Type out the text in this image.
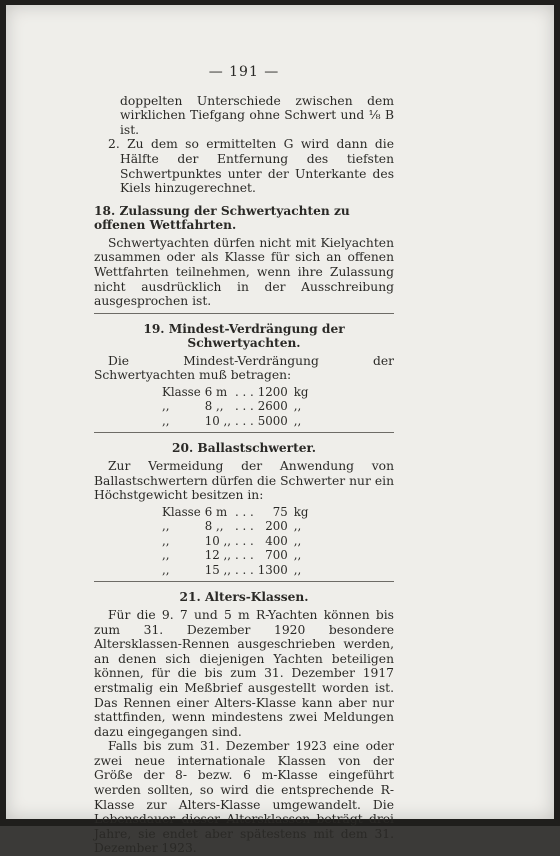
— 191 —

doppelten Unterschiede zwischen dem wirklichen Tiefgang ohne Schwert und ⅛ B ist.

2. Zu dem so ermittelten G wird dann die Hälfte der Entfernung des tiefsten Schwertpunktes unter der Unterkante des Kiels hinzugerechnet.

18. Zulassung der Schwertyachten zu offenen Wettfahrten.

Schwertyachten dürfen nicht mit Kielyachten zusammen oder als Klasse für sich an offenen Wettfahrten teilnehmen, wenn ihre Zulassung nicht ausdrücklich in der Ausschreibung ausgesprochen ist.

19. Mindest-Verdrängung der Schwertyachten.

Die Mindest-Verdrängung der Schwertyachten muß betragen:

Klasse	6 m	. . .	1200	kg
,,	8 ,,	. . .	2600	,,
,,	10 ,,	. . .	5000	,,
20. Ballastschwerter.

Zur Vermeidung der Anwendung von Ballastschwertern dürfen die Schwerter nur ein Höchstgewicht besitzen in:

Klasse	6 m	. . .	75	kg
,,	8 ,,	. . .	200	,,
,,	10 ,,	. . .	400	,,
,,	12 ,,	. . .	700	,,
,,	15 ,,	. . .	1300	,,
21. Alters-Klassen.

Für die 9. 7 und 5 m R-Yachten können bis zum 31. Dezember 1920 besondere Altersklassen-Rennen ausgeschrieben werden, an denen sich diejenigen Yachten beteiligen können, für die bis zum 31. Dezember 1917 erstmalig ein Meßbrief ausgestellt worden ist. Das Rennen einer Alters-Klasse kann aber nur stattfinden, wenn mindestens zwei Meldungen dazu eingegangen sind.

Falls bis zum 31. Dezember 1923 eine oder zwei neue internationale Klassen von der Größe der 8- bezw. 6 m-Klasse eingeführt werden sollten, so wird die entsprechende R-Klasse zur Alters-Klasse umgewandelt. Die Lebensdauer dieser Altersklassen beträgt drei Jahre, sie endet aber spätestens mit dem 31. Dezember 1923.
